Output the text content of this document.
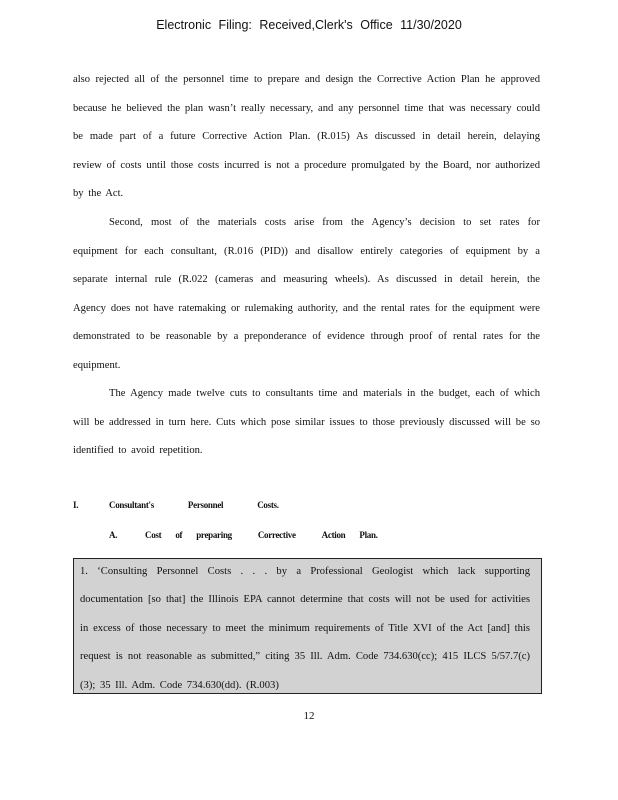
Electronic Filing: Received,Clerk's Office 11/30/2020

also rejected all of the personnel time to prepare and design the Corrective Action Plan he approved because he believed the plan wasn’t really necessary, and any personnel time that was necessary could be made part of a future Corrective Action Plan. (R.015) As discussed in detail herein, delaying review of costs until those costs incurred is not a procedure promulgated by the Board, nor authorized by the Act.

Second, most of the materials costs arise from the Agency’s decision to set rates for equipment for each consultant, (R.016 (PID)) and disallow entirely categories of equipment by a separate internal rule (R.022 (cameras and measuring wheels). As discussed in detail herein, the Agency does not have ratemaking or rulemaking authority, and the rental rates for the equipment were demonstrated to be reasonable by a preponderance of evidence through proof of rental rates for the equipment.

The Agency made twelve cuts to consultants time and materials in the budget, each of which will be addressed in turn here. Cuts which pose similar issues to those previously discussed will be so identified to avoid repetition.

I.	Consultant's	Personnel	Costs.
A.	Cost of preparing	Corrective	Action Plan.

1. ‘Consulting Personnel Costs . . . by a Professional Geologist which lack supporting documentation [so that] the Illinois EPA cannot determine that costs will not be used for activities in excess of those necessary to meet the minimum requirements of Title XVI of the Act [and] this request is not reasonable as submitted,” citing 35 Ill. Adm. Code 734.630(cc); 415 ILCS 5/57.7(c)(3); 35 Ill. Adm. Code 734.630(dd). (R.003)

12
